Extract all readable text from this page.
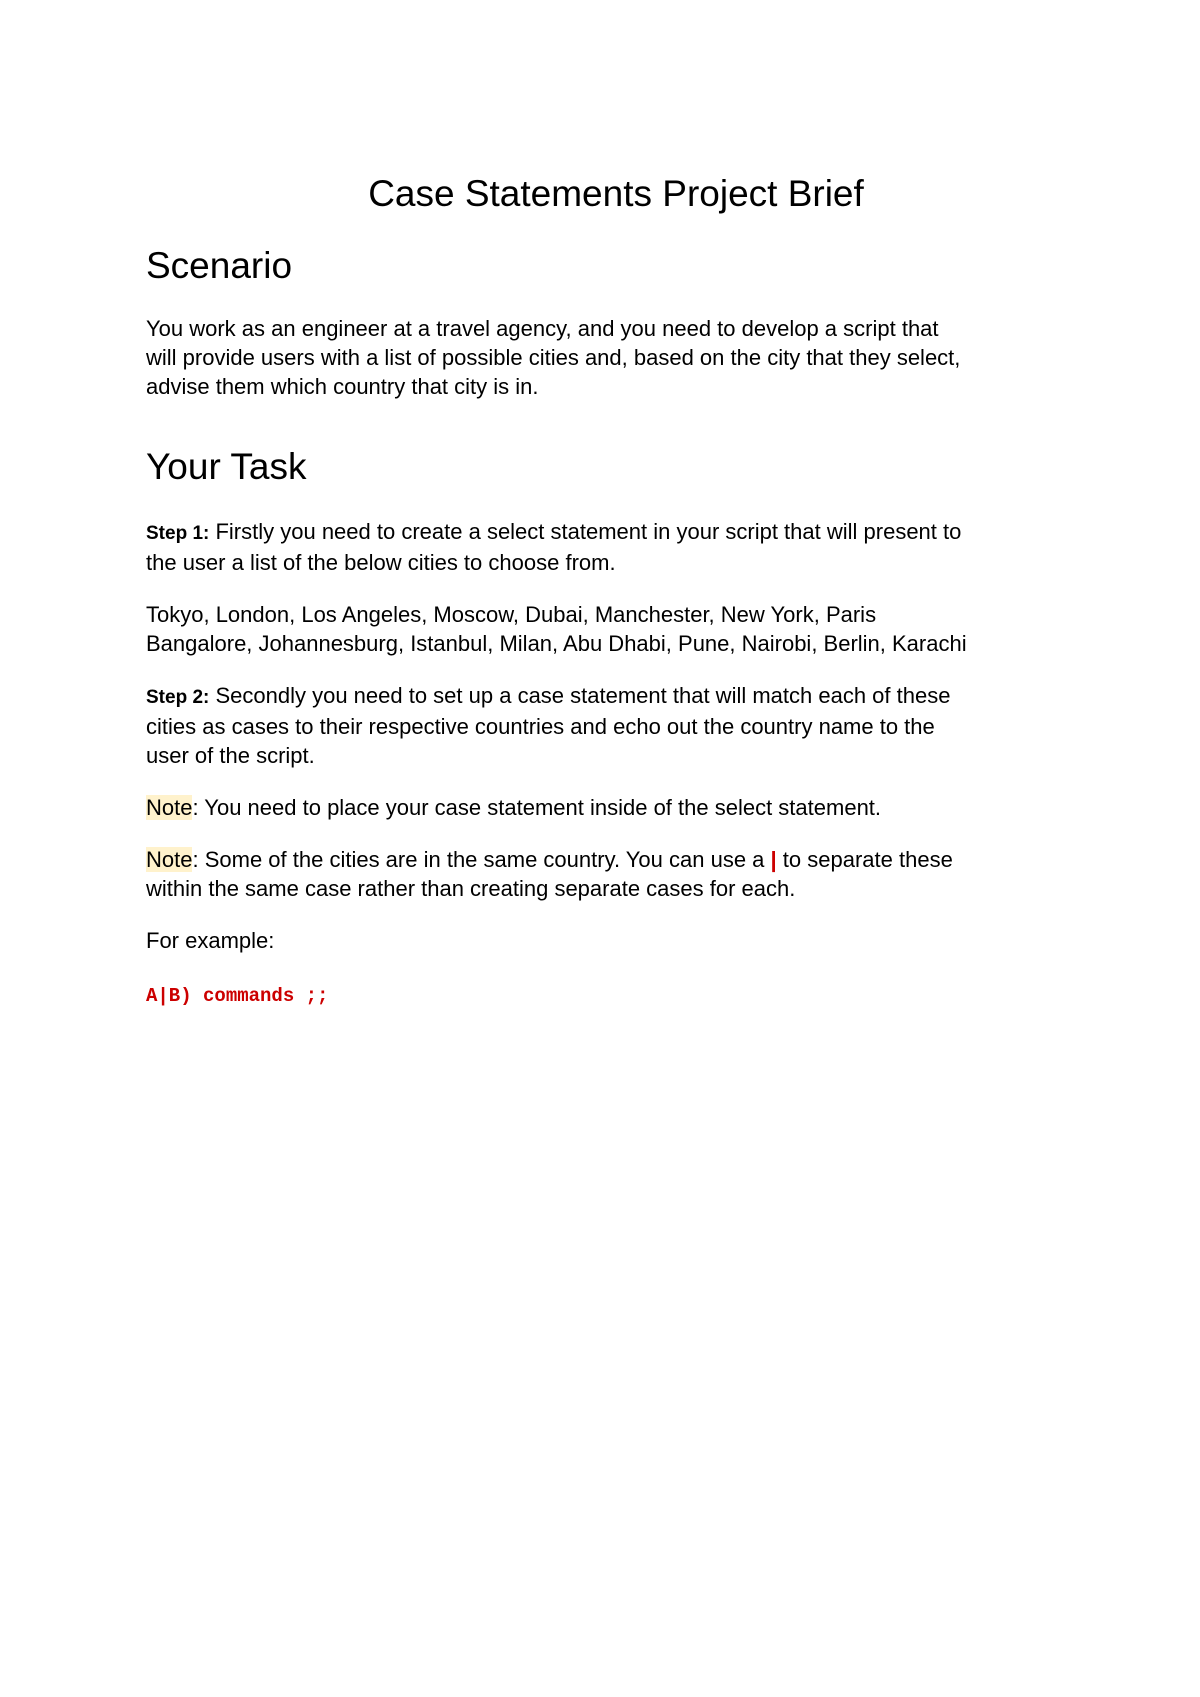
Case Statements Project Brief
Scenario

You work as an engineer at a travel agency, and you need to develop a script that
will provide users with a list of possible cities and, based on the city that they select,
advise them which country that city is in.

Your Task

Step 1: Firstly you need to create a select statement in your script that will present to
the user a list of the below cities to choose from.

Tokyo, London, Los Angeles, Moscow, Dubai, Manchester, New York, Paris
Bangalore, Johannesburg, Istanbul, Milan, Abu Dhabi, Pune, Nairobi, Berlin, Karachi

Step 2: Secondly you need to set up a case statement that will match each of these
cities as cases to their respective countries and echo out the country name to the
user of the script.

Note: You need to place your case statement inside of the select statement.

Note: Some of the cities are in the same country. You can use a | to separate these
within the same case rather than creating separate cases for each.

For example:

A|B) commands ;;
